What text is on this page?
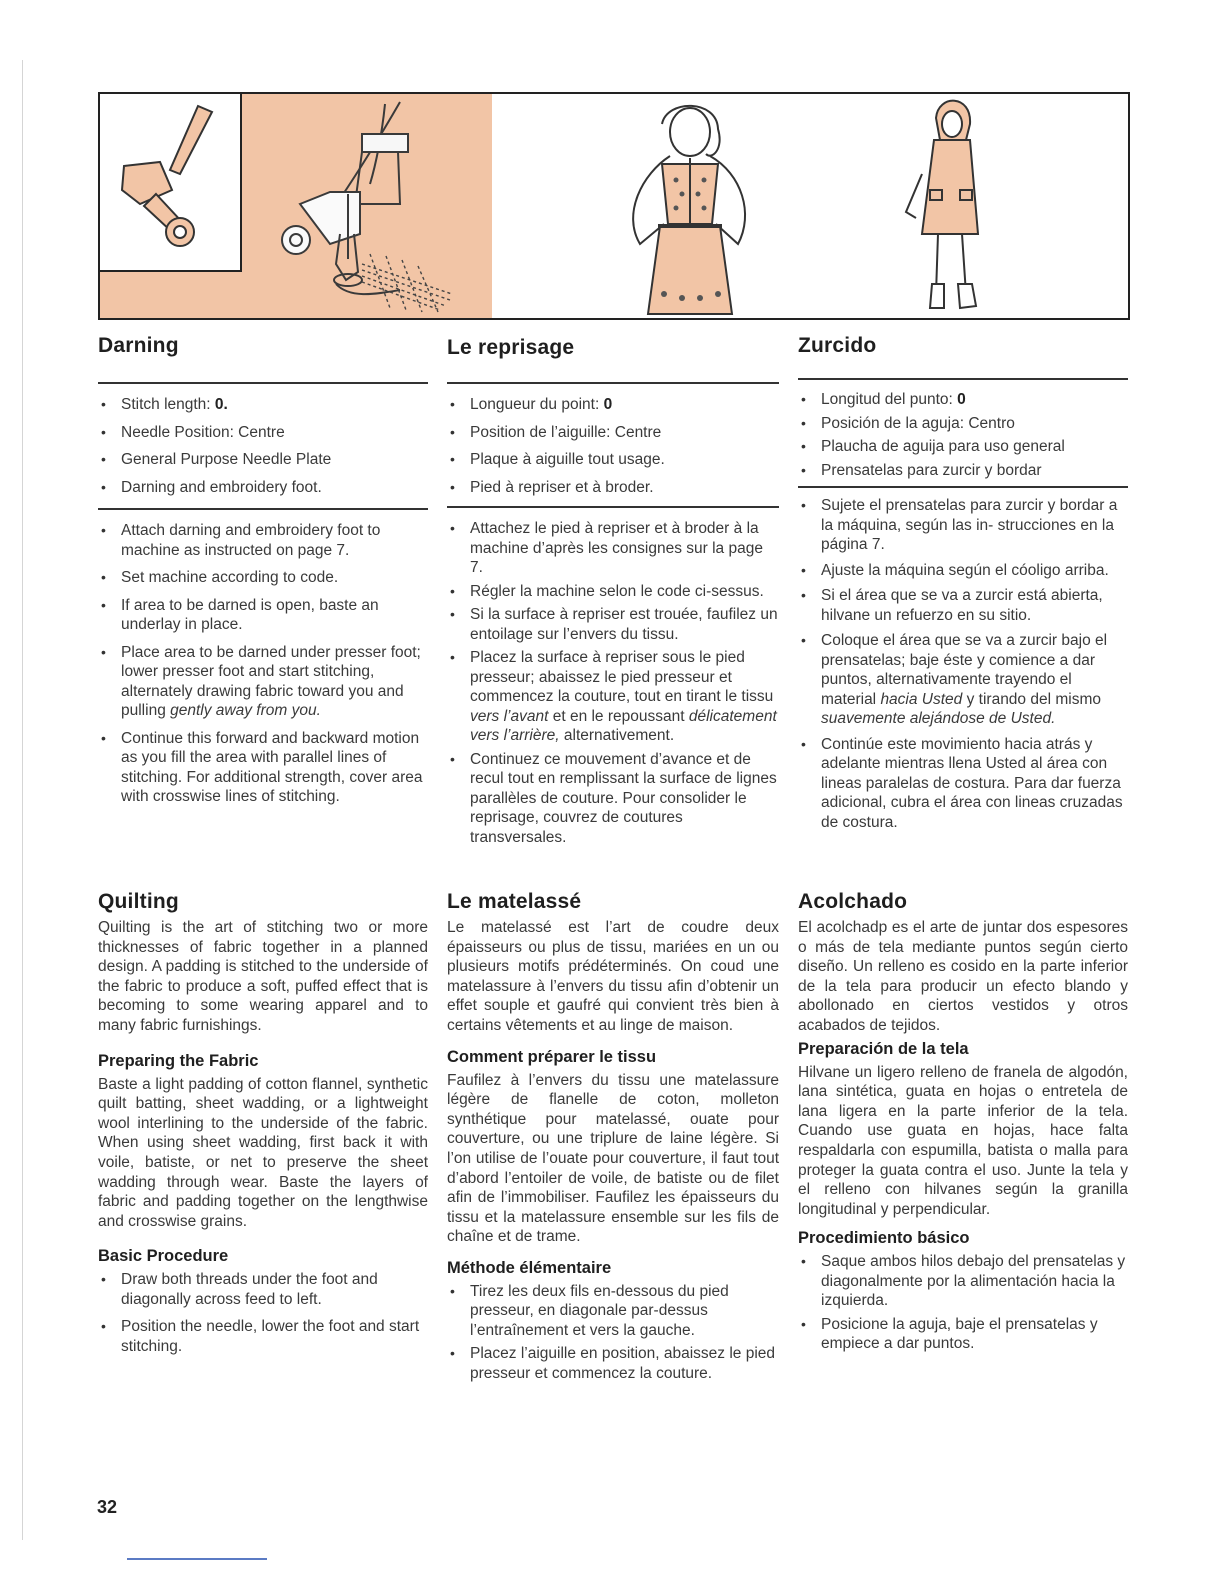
Darning
• Stitch length: 0.
• Needle Position: Centre
• General Purpose Needle Plate
• Darning and embroidery foot.
• Attach darning and embroidery foot to machine as instructed on page 7.
• Set machine according to code.
• If area to be darned is open, baste an underlay in place.
• Place area to be darned under presser foot; lower presser foot and start stitching, alternately drawing fabric toward you and pulling gently away from you.
• Continue this forward and backward motion as you fill the area with parallel lines of stitching. For additional strength, cover area with crosswise lines of stitching.
Quilting

Quilting is the art of stitching two or more thicknesses of fabric together in a planned design. A padding is stitched to the underside of the fabric to produce a soft, puffed effect that is becoming to some wearing apparel and to many fabric furnishings.

Preparing the Fabric

Baste a light padding of cotton flannel, synthetic quilt batting, sheet wadding, or a lightweight wool interlining to the underside of the fabric. When using sheet wadding, first back it with voile, batiste, or net to preserve the sheet wadding through wear. Baste the layers of fabric and padding together on the lengthwise and crosswise grains.

Basic Procedure
• Draw both threads under the foot and diagonally across feed to left.
• Position the needle, lower the foot and start stitching.
Le reprisage
• Longueur du point: 0
• Position de l’aiguille: Centre
• Plaque à aiguille tout usage.
• Pied à repriser et à broder.
• Attachez le pied à repriser et à broder à la machine d’après les consignes sur la page 7.
• Régler la machine selon le code ci-sessus.
• Si la surface à repriser est trouée, faufilez un entoilage sur l’envers du tissu.
• Placez la surface à repriser sous le pied presseur; abaissez le pied presseur et commencez la couture, tout en tirant le tissu vers l’avant et en le repoussant délicatement vers l’arrière, alternativement.
• Continuez ce mouvement d’avance et de recul tout en remplissant la surface de lignes parallèles de couture. Pour consolider le reprisage, couvrez de coutures transversales.
Le matelassé

Le matelassé est l’art de coudre deux épaisseurs ou plus de tissu, mariées en un ou plusieurs motifs prédéterminés. On coud une matelassure à l’envers du tissu afin d’obtenir un effet souple et gaufré qui convient très bien à certains vêtements et au linge de maison.

Comment préparer le tissu

Faufilez à l’envers du tissu une matelassure légère de flanelle de coton, molleton synthétique pour matelassé, ouate pour couverture, ou une triplure de laine légère. Si l’on utilise de l’ouate pour couverture, il faut tout d’abord l’entoiler de voile, de batiste ou de filet afin de l’immobiliser. Faufilez les épaisseurs du tissu et la matelassure ensemble sur les fils de chaîne et de trame.

Méthode élémentaire
• Tirez les deux fils en-dessous du pied presseur, en diagonale par-dessus l’entraînement et vers la gauche.
• Placez l’aiguille en position, abaissez le pied presseur et commencez la couture.
Zurcido
• Longitud del punto: 0
• Posición de la aguja: Centro
• Plaucha de aguija para uso general
• Prensatelas para zurcir y bordar
• Sujete el prensatelas para zurcir y bordar a la máquina, según las in- strucciones en la página 7.
• Ajuste la máquina según el cóoligo arriba.
• Si el área que se va a zurcir está abierta, hilvane un refuerzo en su sitio.
• Coloque el área que se va a zurcir bajo el prensatelas; baje éste y comience a dar puntos, alternativamente trayendo el material hacia Usted y tirando del mismo suavemente alejándose de Usted.
• Continúe este movimiento hacia atrás y adelante mientras llena Usted al área con lineas paralelas de costura. Para dar fuerza adicional, cubra el área con lineas cruzadas de costura.
Acolchado

El acolchadp es el arte de juntar dos espesores o más de tela mediante puntos según cierto diseño. Un relleno es cosido en la parte inferior de la tela para producir un efecto blando y abollonado en ciertos vestidos y otros acabados de tejidos.

Preparación de la tela

Hilvane un ligero relleno de franela de algodón, lana sintética, guata en hojas o entretela de lana ligera en la parte inferior de la tela. Cuando use guata en hojas, hace falta respaldarla con espumilla, batista o malla para proteger la guata contra el uso. Junte la tela y el relleno con hilvanes según la granilla longitudinal y perpendicular.

Procedimiento básico
• Saque ambos hilos debajo del prensatelas y diagonalmente por la alimentación hacia la izquierda.
• Posicione la aguja, baje el prensatelas y empiece a dar puntos.
32
